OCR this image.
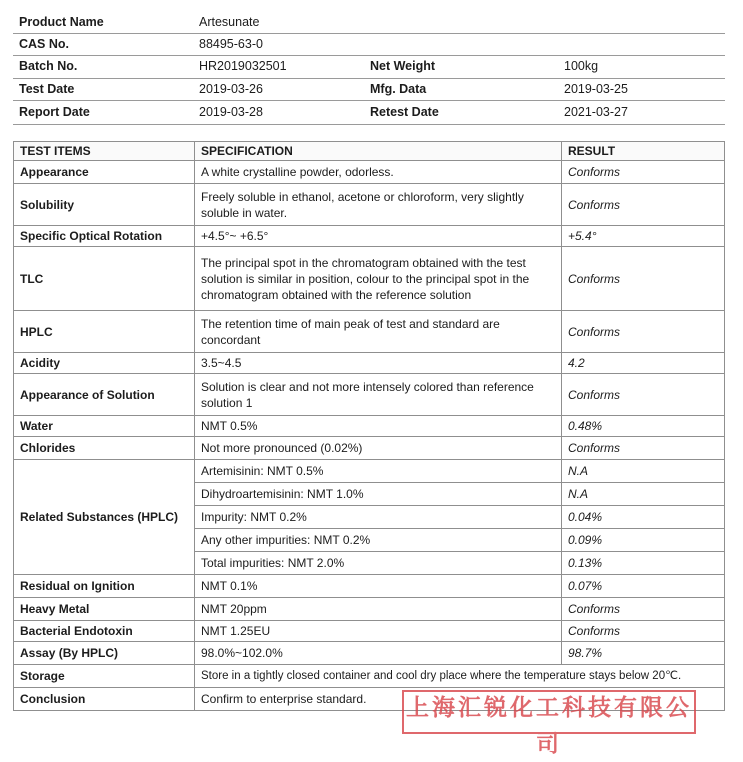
Product Name	Artesunate
CAS No.	88495-63-0
Batch No.	HR2019032501	Net Weight	100kg
Test Date	2019-03-26	Mfg. Data	2019-03-25
Report Date	2019-03-28	Retest Date	2021-03-27
TEST ITEMS	SPECIFICATION	RESULT
Appearance	A white crystalline powder, odorless.	Conforms
Solubility	Freely soluble in ethanol, acetone or chloroform, very slightly soluble in water.	Conforms
Specific Optical Rotation	+4.5°~ +6.5°	+5.4°
TLC	The principal spot in the chromatogram obtained with the test solution is similar in position, colour to the principal spot in the chromatogram obtained with the reference solution	Conforms
HPLC	The retention time of main peak of test and standard are concordant	Conforms
Acidity	3.5~4.5	4.2
Appearance of Solution	Solution is clear and not more intensely colored than reference solution 1	Conforms
Water	NMT 0.5%	0.48%
Chlorides	Not more pronounced (0.02%)	Conforms
Related Substances (HPLC)	Artemisinin: NMT 0.5%	N.A
	Dihydroartemisinin: NMT 1.0%	N.A
	Impurity: NMT 0.2%	0.04%
	Any other impurities: NMT 0.2%	0.09%
	Total impurities: NMT 2.0%	0.13%
Residual on Ignition	NMT 0.1%	0.07%
Heavy Metal	NMT 20ppm	Conforms
Bacterial Endotoxin	NMT 1.25EU	Conforms
Assay (By HPLC)	98.0%~102.0%	98.7%
Storage	Store in a tightly closed container and cool dry place where the temperature stays below 20℃.	
Conclusion	Confirm to enterprise standard.	上海汇锐化工科技有限公司
